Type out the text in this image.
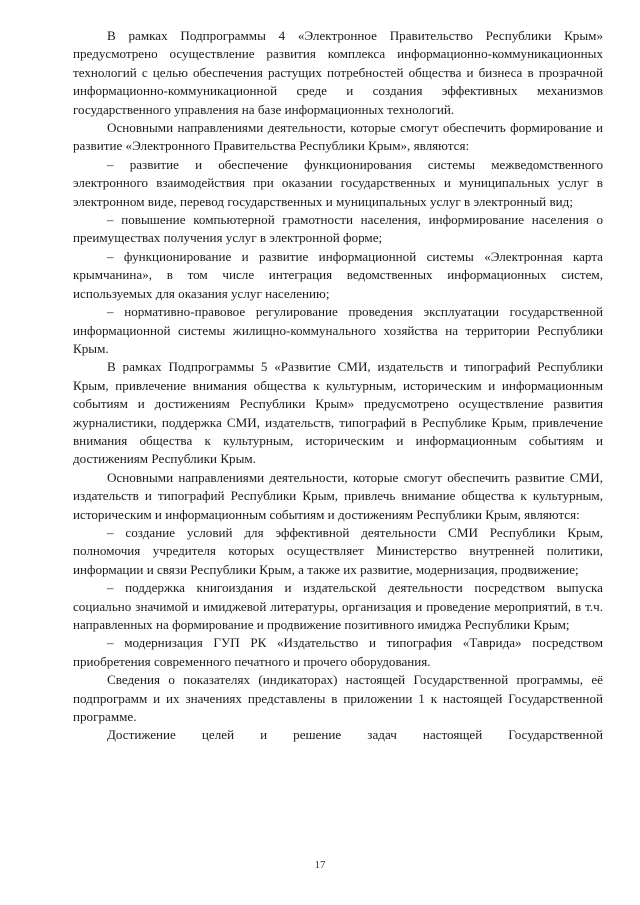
В рамках Подпрограммы 4 «Электронное Правительство Республики Крым» предусмотрено осуществление развития комплекса информационно-коммуникационных технологий с целью обеспечения растущих потребностей общества и бизнеса в прозрачной информационно-коммуникационной среде и создания эффективных механизмов государственного управления на базе информационных технологий.

Основными направлениями деятельности, которые смогут обеспечить формирование и развитие «Электронного Правительства Республики Крым», являются:

– развитие и обеспечение функционирования системы межведомственного электронного взаимодействия при оказании государственных и муниципальных услуг в электронном виде, перевод государственных и муниципальных услуг в электронный вид;

– повышение компьютерной грамотности населения, информирование населения о преимуществах получения услуг в электронной форме;

– функционирование и развитие информационной системы «Электронная карта крымчанина», в том числе интеграция ведомственных информационных систем, используемых для оказания услуг населению;

– нормативно-правовое регулирование проведения эксплуатации государственной информационной системы жилищно-коммунального хозяйства на территории Республики Крым.

В рамках Подпрограммы 5 «Развитие СМИ, издательств и типографий Республики Крым, привлечение внимания общества к культурным, историческим и информационным событиям и достижениям Республики Крым» предусмотрено осуществление развития журналистики, поддержка СМИ, издательств, типографий в Республике Крым, привлечение внимания общества к культурным, историческим и информационным событиям и достижениям Республики Крым.

Основными направлениями деятельности, которые смогут обеспечить развитие СМИ, издательств и типографий Республики Крым, привлечь внимание общества к культурным, историческим и информационным событиям и достижениям Республики Крым, являются:

– создание условий для эффективной деятельности СМИ Республики Крым, полномочия учредителя которых осуществляет Министерство внутренней политики, информации и связи Республики Крым, а также их развитие, модернизация, продвижение;

– поддержка книгоиздания и издательской деятельности посредством выпуска социально значимой и имиджевой литературы, организация и проведение мероприятий, в т.ч. направленных на формирование и продвижение позитивного имиджа Республики Крым;

– модернизация ГУП РК «Издательство и типография «Таврида» посредством приобретения современного печатного и прочего оборудования.

Сведения о показателях (индикаторах) настоящей Государственной программы, её подпрограмм и их значениях представлены в приложении 1 к настоящей Государственной программе.

Достижение целей и решение задач настоящей Государственной

17
